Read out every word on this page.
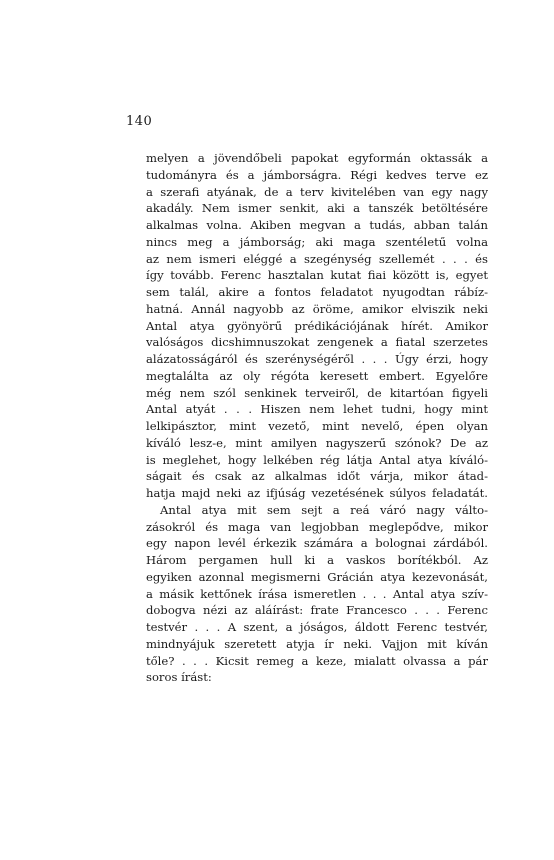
140
melyen a jövendőbeli papokat egyformán oktassák a
tudományra és a jámborságra. Régi kedves terve ez
a szerafi atyának, de a terv kivitelében van egy nagy
akadály. Nem ismer senkit, aki a tanszék betöltésére
alkalmas volna. Akiben megvan a tudás, abban talán
nincs meg a jámborság; aki maga szentéletű volna
az nem ismeri eléggé a szegénység szellemét . . . és
így tovább. Ferenc hasztalan kutat fiai között is, egyet
sem talál, akire a fontos feladatot nyugodtan rábíz-
hatná. Annál nagyobb az öröme, amikor elviszik neki
Antal atya gyönyörű prédikációjának hírét. Amikor
valóságos dicshimnuszokat zengenek a fiatal szerzetes
alázatosságáról és szerénységéről . . . Úgy érzi, hogy
megtalálta az oly régóta keresett embert. Egyelőre
még nem szól senkinek terveiről, de kitartóan figyeli
Antal atyát . . . Hiszen nem lehet tudni, hogy mint
lelkipásztor, mint vezető, mint nevelő, épen olyan
kíváló lesz-e, mint amilyen nagyszerű szónok? De az
is meglehet, hogy lelkében rég látja Antal atya kíváló-
ságait és csak az alkalmas időt várja, mikor átad-
hatja majd neki az ifjúság vezetésének súlyos feladatát.
Antal atya mit sem sejt a reá váró nagy válto-
zásokról és maga van legjobban meglepődve, mikor
egy napon levél érkezik számára a bolognai zárdából.
Három pergamen hull ki a vaskos borítékból. Az
egyiken azonnal megismerni Grácián atya kezevonását,
a másik kettőnek írása ismeretlen . . . Antal atya szív-
dobogva nézi az aláírást: frate Francesco . . . Ferenc
testvér . . . A szent, a jóságos, áldott Ferenc testvér,
mindnyájuk szeretett atyja ír neki. Vajjon mit kíván
tőle? . . . Kicsit remeg a keze, mialatt olvassa a pár
soros írást:
